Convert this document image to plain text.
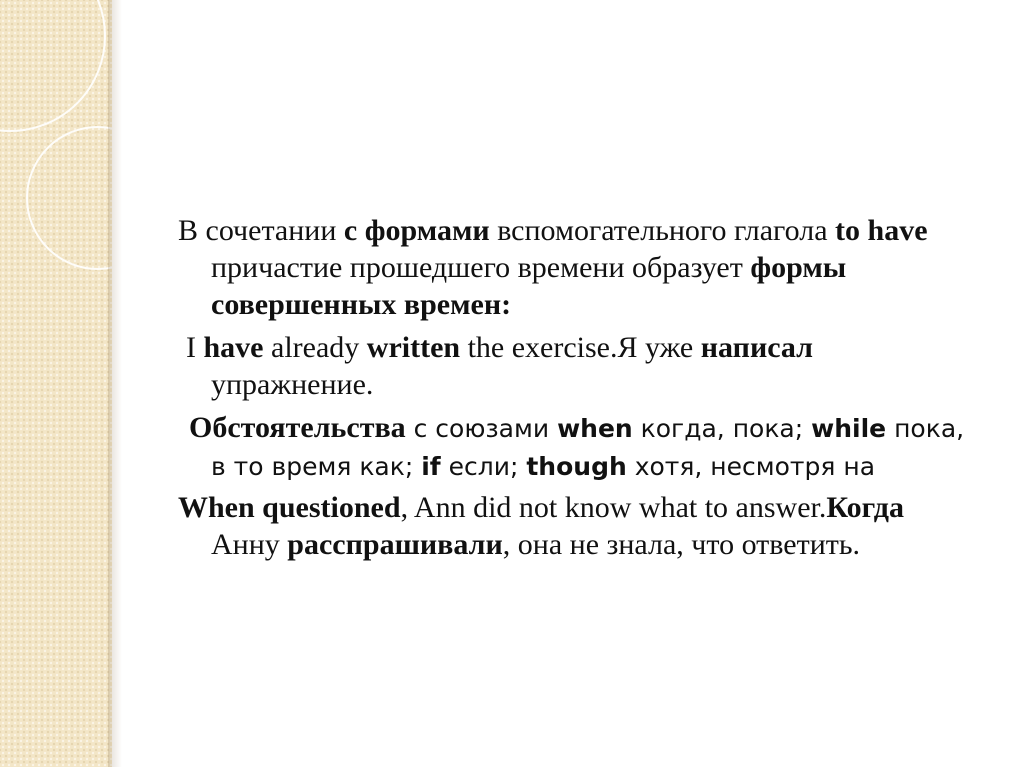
В сочетании с формами вспомогательного глагола to have причастие прошедшего времени образует формы совершенных времен:

I have already written the exercise.Я уже написал упражнение.

Обстоятельства с союзами when когда, пока; while пока, в то время как; if если; though хотя, несмотря на

When questioned, Ann did not know what to answer.Когда Анну расспрашивали, она не знала, что ответить.
